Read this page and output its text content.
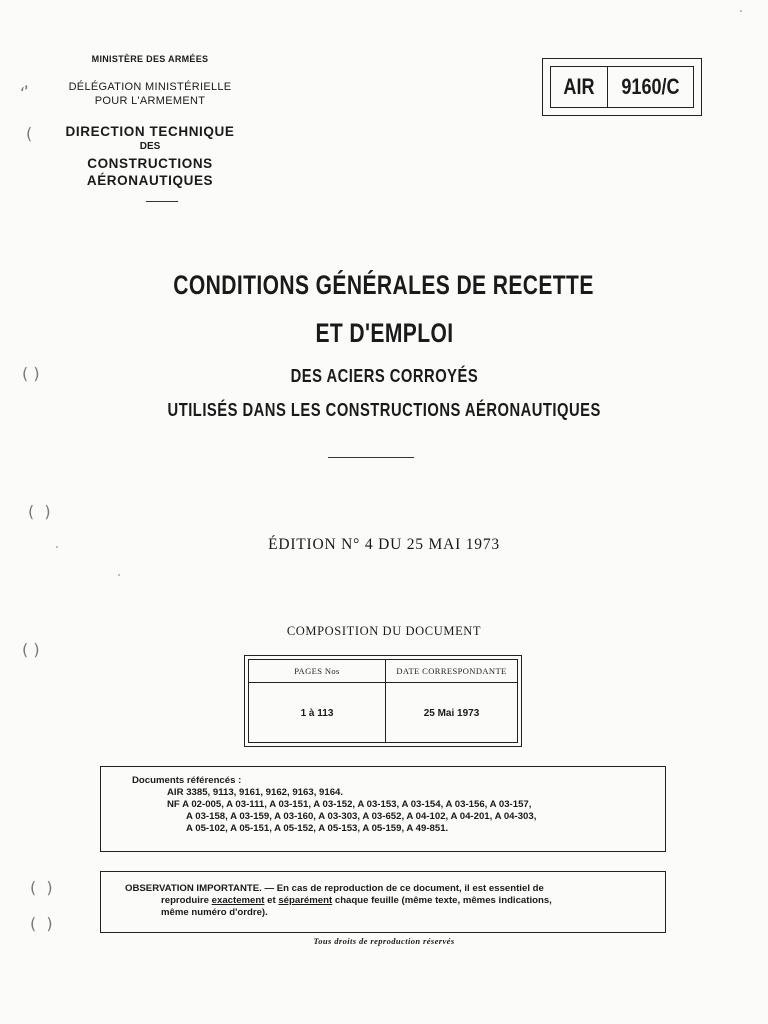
MINISTÈRE DES ARMÉES
DÉLÉGATION MINISTÉRIELLE
POUR L'ARMEMENT
DIRECTION TECHNIQUE
DES
CONSTRUCTIONS
AÉRONAUTIQUES
AIR 9160/C
CONDITIONS GÉNÉRALES DE RECETTE
ET D'EMPLOI
DES ACIERS CORROYÉS
UTILISÉS DANS LES CONSTRUCTIONS AÉRONAUTIQUES
ÉDITION N° 4 DU 25 MAI 1973
COMPOSITION DU DOCUMENT
PAGES Nos
1 à 113
DATE CORRESPONDANTE
25 Mai 1973
Documents référencés :
AIR 3385, 9113, 9161, 9162, 9163, 9164.
NF A 02-005, A 03-111, A 03-151, A 03-152, A 03-153, A 03-154, A 03-156, A 03-157,
A 03-158, A 03-159, A 03-160, A 03-303, A 03-652, A 04-102, A 04-201, A 04-303,
A 05-102, A 05-151, A 05-152, A 05-153, A 05-159, A 49-851.
OBSERVATION IMPORTANTE. — En cas de reproduction de ce document, il est essentiel de
reproduire exactement et séparément chaque feuille (même texte, mêmes indications,
même numéro d'ordre).
Tous droits de reproduction réservés
ʻ ̓
(
( )
(  )
( )
(  )
(  )
